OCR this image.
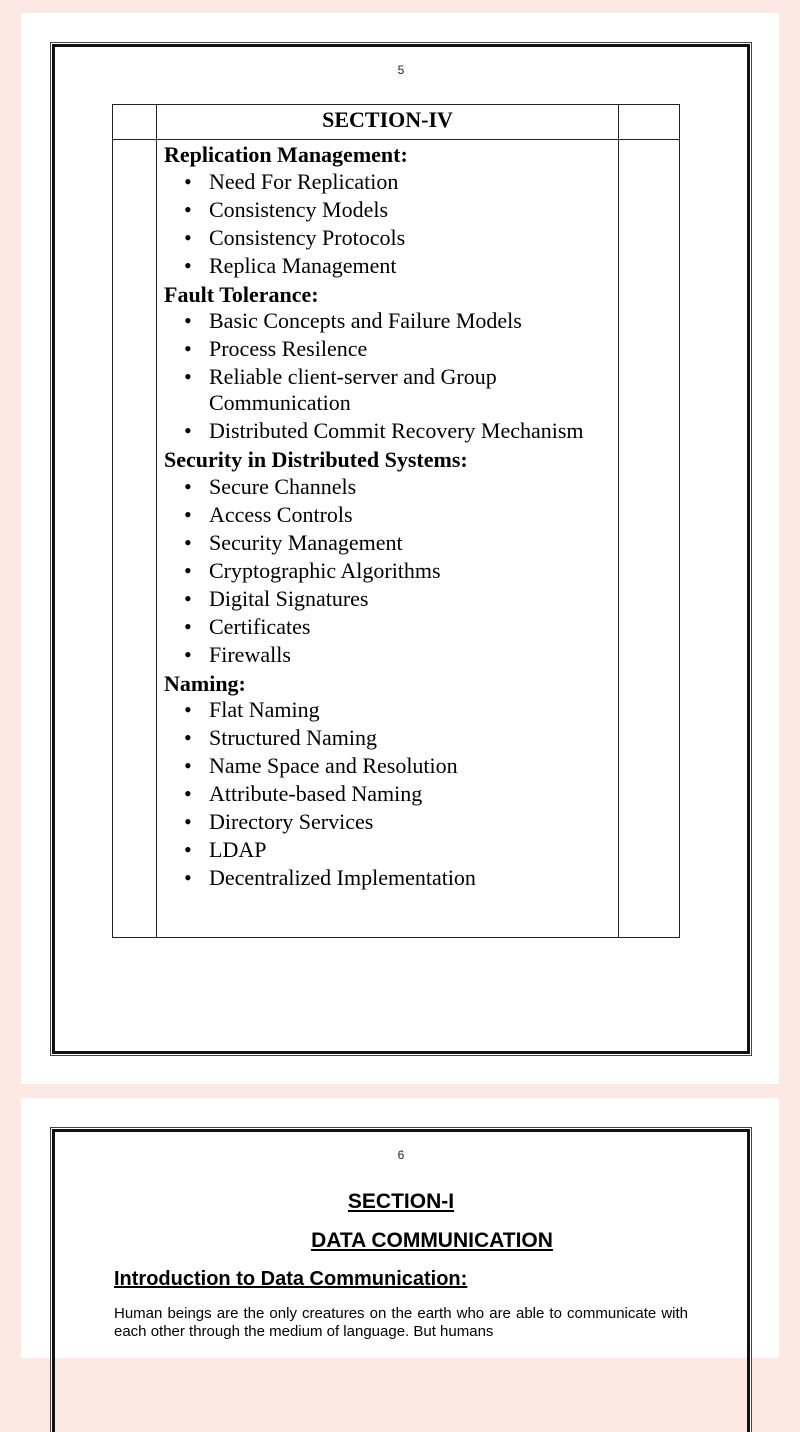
5
SECTION-IV
Replication Management:
• Need For Replication
• Consistency Models
• Consistency Protocols
• Replica Management
Fault Tolerance:
• Basic Concepts and Failure Models
• Process Resilence
• Reliable client-server and Group Communication
• Distributed Commit Recovery Mechanism
Security in Distributed Systems:
• Secure Channels
• Access Controls
• Security Management
• Cryptographic Algorithms
• Digital Signatures
• Certificates
• Firewalls
Naming:
• Flat Naming
• Structured Naming
• Name Space and Resolution
• Attribute-based Naming
• Directory Services
• LDAP
• Decentralized Implementation
6
SECTION-I
DATA COMMUNICATION
Introduction to Data Communication:
Human beings are the only creatures on the earth who are able to communicate with each other through the medium of language. But humans
